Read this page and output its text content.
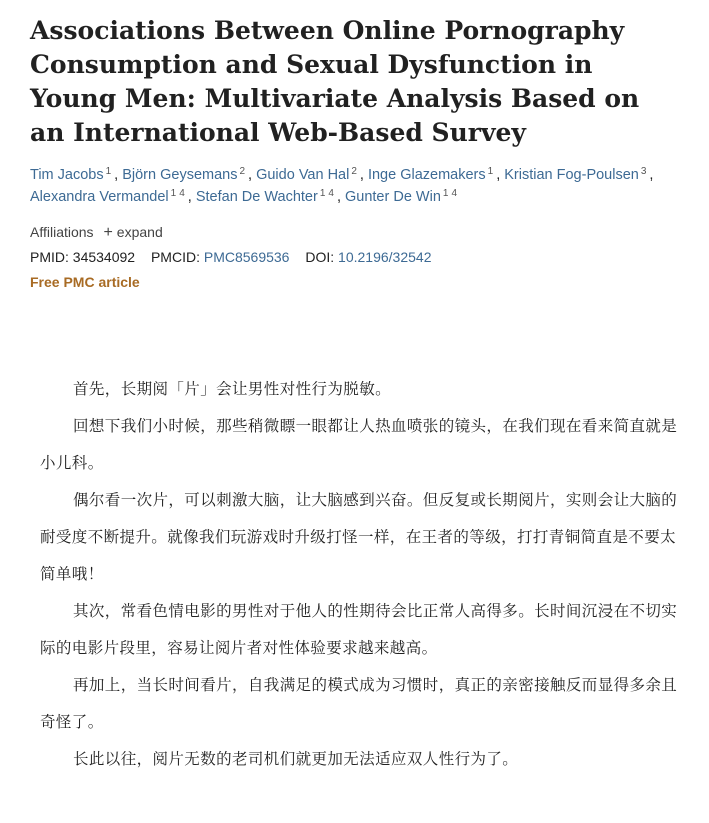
Associations Between Online Pornography Consumption and Sexual Dysfunction in Young Men: Multivariate Analysis Based on an International Web-Based Survey
Tim Jacobs $^1$ , Björn Geysemans $^2$ , Guido Van Hal $^2$ , Inge Glazemakers $^1$ , Kristian Fog-Poulsen $^3$ , Alexandra Vermandel $^{1 4}$ , Stefan De Wachter $^{1 4}$ , Gunter De Win $^{1 4}$
Affiliations + expand
PMID: 34534092 PMCID: PMC8569536 DOI: 10.2196/32542
Free PMC article

首先，长期阅「片」会让男性对性行为脱敏。

回想下我们小时候，那些稍微瞟一眼都让人热血喷张的镜头，在我们现在看来简直就是小儿科。

偶尔看一次片，可以刺激大脑，让大脑感到兴奋。但反复或长期阅片，实则会让大脑的耐受度不断提升。就像我们玩游戏时升级打怪一样，在王者的等级，打打青铜简直是不要太简单哦！

其次，常看色情电影的男性对于他人的性期待会比正常人高得多。长时间沉浸在不切实际的电影片段里，容易让阅片者对性体验要求越来越高。

再加上，当长时间看片，自我满足的模式成为习惯时，真正的亲密接触反而显得多余且奇怪了。

长此以往，阅片无数的老司机们就更加无法适应双人性行为了。
